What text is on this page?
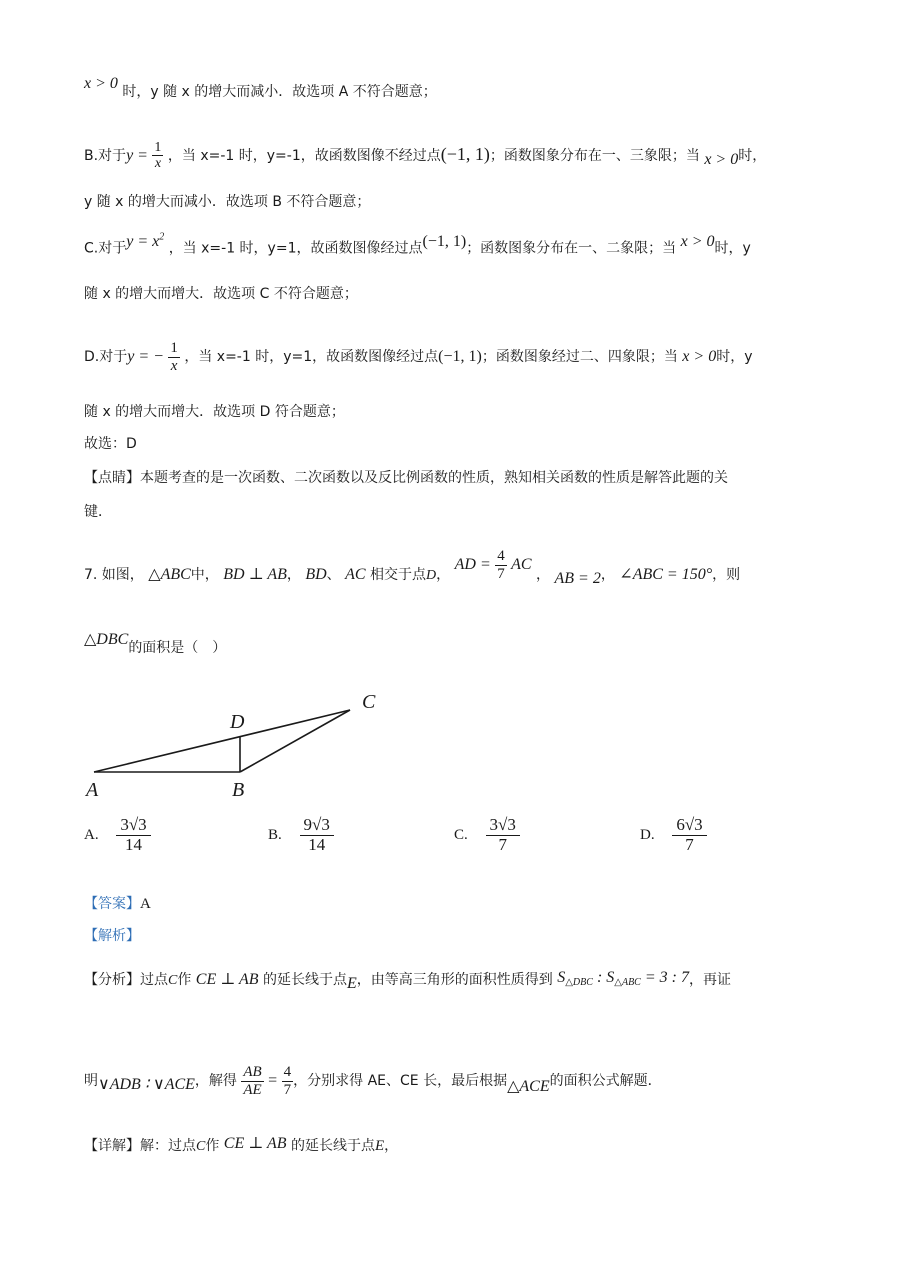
x > 0 时，y 随 x 的增大而减小．故选项 A 不符合题意；
B.对于$y = \frac{1}{x}$ ，当 x=-1 时，y=-1，故函数图像不经过点(−1, 1)；函数图象分布在一、三象限；当 x > 0时，
y 随 x 的增大而减小．故选项 B 不符合题意；
C.对于$y = x^2$ ，当 x=-1 时，y=1，故函数图像经过点(−1, 1)；函数图象分布在一、二象限；当 x > 0时，y
随 x 的增大而增大．故选项 C 不符合题意；
D.对于y = − $\frac{1}{x}$ ，当 x=-1 时，y=1，故函数图像经过点(−1, 1)；函数图象经过二、四象限；当 x > 0时，y
随 x 的增大而增大．故选项 D 符合题意；
故选：D
【点睛】本题考查的是一次函数、二次函数以及反比例函数的性质，熟知相关函数的性质是解答此题的关
键．
7. 如图， △ABC中， BD ⊥ AB， BD、 AC 相交于点D， AD = $\frac{4}{7}$ AC ， AB = 2， ∠ABC = 150°，则
△DBC的面积是（　）
A	B
C
D
A. $\frac{3√3}{14}$	B. $\frac{9√3}{14}$	C. $\frac{3√3}{7}$	D. $\frac{6√3}{7}$
【答案】A
【解析】
【分析】过点C作 CE ⊥ AB 的延长线于点E，由等高三角形的面积性质得到 $S_{\triangle DBC}$ : $S_{\triangle ABC} = 3$ : 7，再证
明∨ADB ∶ ∨ACE，解得 $\frac{AB}{AE} = \frac{4}{7}$ ，分别求得 AE、CE 长，最后根据△ACE的面积公式解题．
【详解】解：过点C作 CE ⊥ AB 的延长线于点E，
